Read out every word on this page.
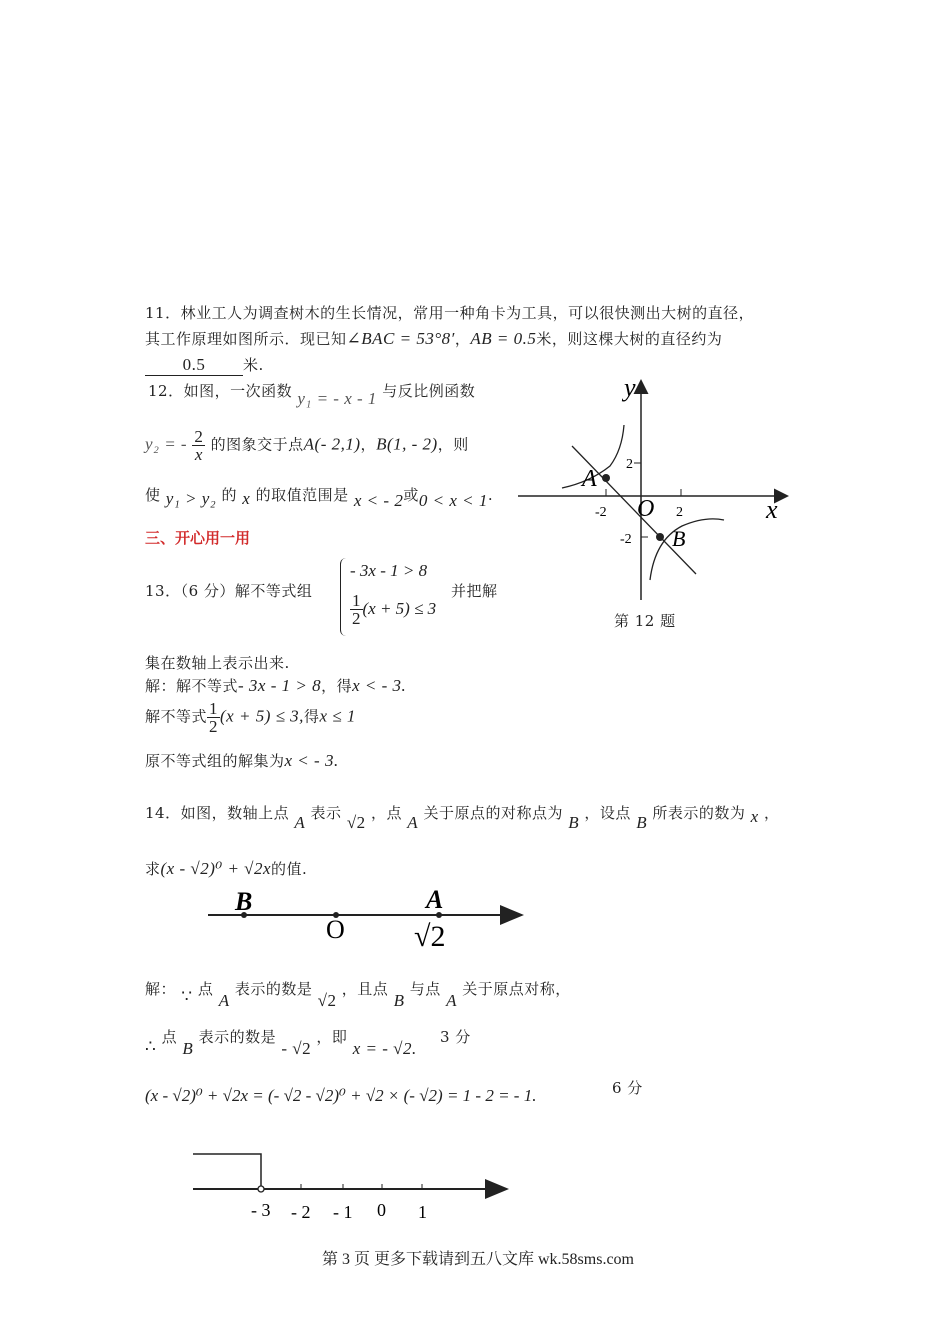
11．林业工人为调查树木的生长情况，常用一种角卡为工具，可以很快测出大树的直径，
其工作原理如图所示．现已知∠BAC = 53°8′，AB = 0.5米，则这棵大树的直径约为
0.5	米.
12．如图，一次函数 y₁ = - x - 1 与反比例函数
y₂ = - $\frac{2}{x}$ 的图象交于点A(- 2,1)，B(1, - 2)，则
使 y₁ > y₂ 的 x 的取值范围是 x < - 2或0 < x < 1.
y
x
O
A
B
2
-2
-2	2
第 12 题
三、开心用一用
13．（6 分）解不等式组
- 3x - 1 > 8
$\frac{1}{2} (x + 5) \le 3$
并把解
集在数轴上表示出来.
解：解不等式- 3x - 1 > 8，得x < - 3.
解不等式 $\frac{1}{2} (x + 5) \le 3$,得x ≤ 1
原不等式组的解集为x < - 3.
14．如图，数轴上点 A 表示 √2 ，点 A 关于原点的对称点为 B ，设点 B 所表示的数为 x ，
求(x - √2)⁰ + √2x的值.
B
O
A
√2
解： ∵ 点 A 表示的数是 √2 ，且点 B 与点 A 关于原点对称，
∴ 点 B 表示的数是 - √2 ，即 x = - √2. 3 分
(x - √2)⁰ + √2x = (- √2 - √2)⁰ + √2 × (- √2) = 1 - 2 = - 1.	6 分
- 3 - 2 - 1 0 1
第 3 页 更多下载请到五八文库 wk.58sms.com
